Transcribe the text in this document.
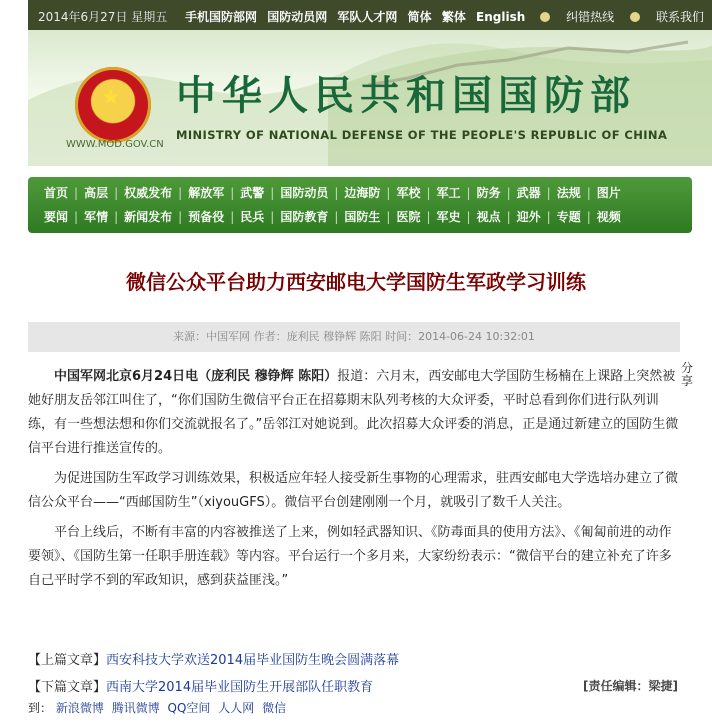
2014年6月27日 星期五 手机国防部网 国防动员网 军队人才网 简体 繁体 English	纠错热线	联系我们
★
WWW.MOD.GOV.CN
中华人民共和国国防部
MINISTRY OF NATIONAL DEFENSE OF THE PEOPLE'S REPUBLIC OF CHINA
首页 | 高层 | 权威发布 | 解放军 | 武警 | 国防动员 | 边海防 | 军校 | 军工 | 防务 | 武器 | 法规 | 图片
要闻 | 军情 | 新闻发布 | 预备役 | 民兵 | 国防教育 | 国防生 | 医院 | 军史 | 视点 | 迎外 | 专题 | 视频
微信公众平台助力西安邮电大学国防生军政学习训练
来源：中国军网 作者：庞利民 穆铮辉 陈阳 时间：2014-06-24 10:32:01
分享

中国军网北京6月24日电（庞利民 穆铮辉 陈阳）报道：六月末，西安邮电大学国防生杨楠在上课路上突然被她好朋友岳邻江叫住了，“你们国防生微信平台正在招募期末队列考核的大众评委，平时总看到你们进行队列训练，有一些想法想和你们交流就报名了。”岳邻江对她说到。此次招募大众评委的消息，正是通过新建立的国防生微信平台进行推送宣传的。

为促进国防生军政学习训练效果，积极适应年轻人接受新生事物的心理需求，驻西安邮电大学选培办建立了微信公众平台——“西邮国防生”（xiyouGFS）。微信平台创建刚刚一个月，就吸引了数千人关注。

平台上线后，不断有丰富的内容被推送了上来，例如轻武器知识、《防毒面具的使用方法》、《匍匐前进的动作要领》、《国防生第一任职手册连载》等内容。平台运行一个多月来，大家纷纷表示：“微信平台的建立补充了许多自己平时学不到的军政知识，感到获益匪浅。”

【上篇文章】西安科技大学欢送2014届毕业国防生晚会圆满落幕
【下篇文章】西南大学2014届毕业国防生开展部队任职教育	[责任编辑：梁捷]
到： 新浪微博 腾讯微博 QQ空间 人人网 微信
